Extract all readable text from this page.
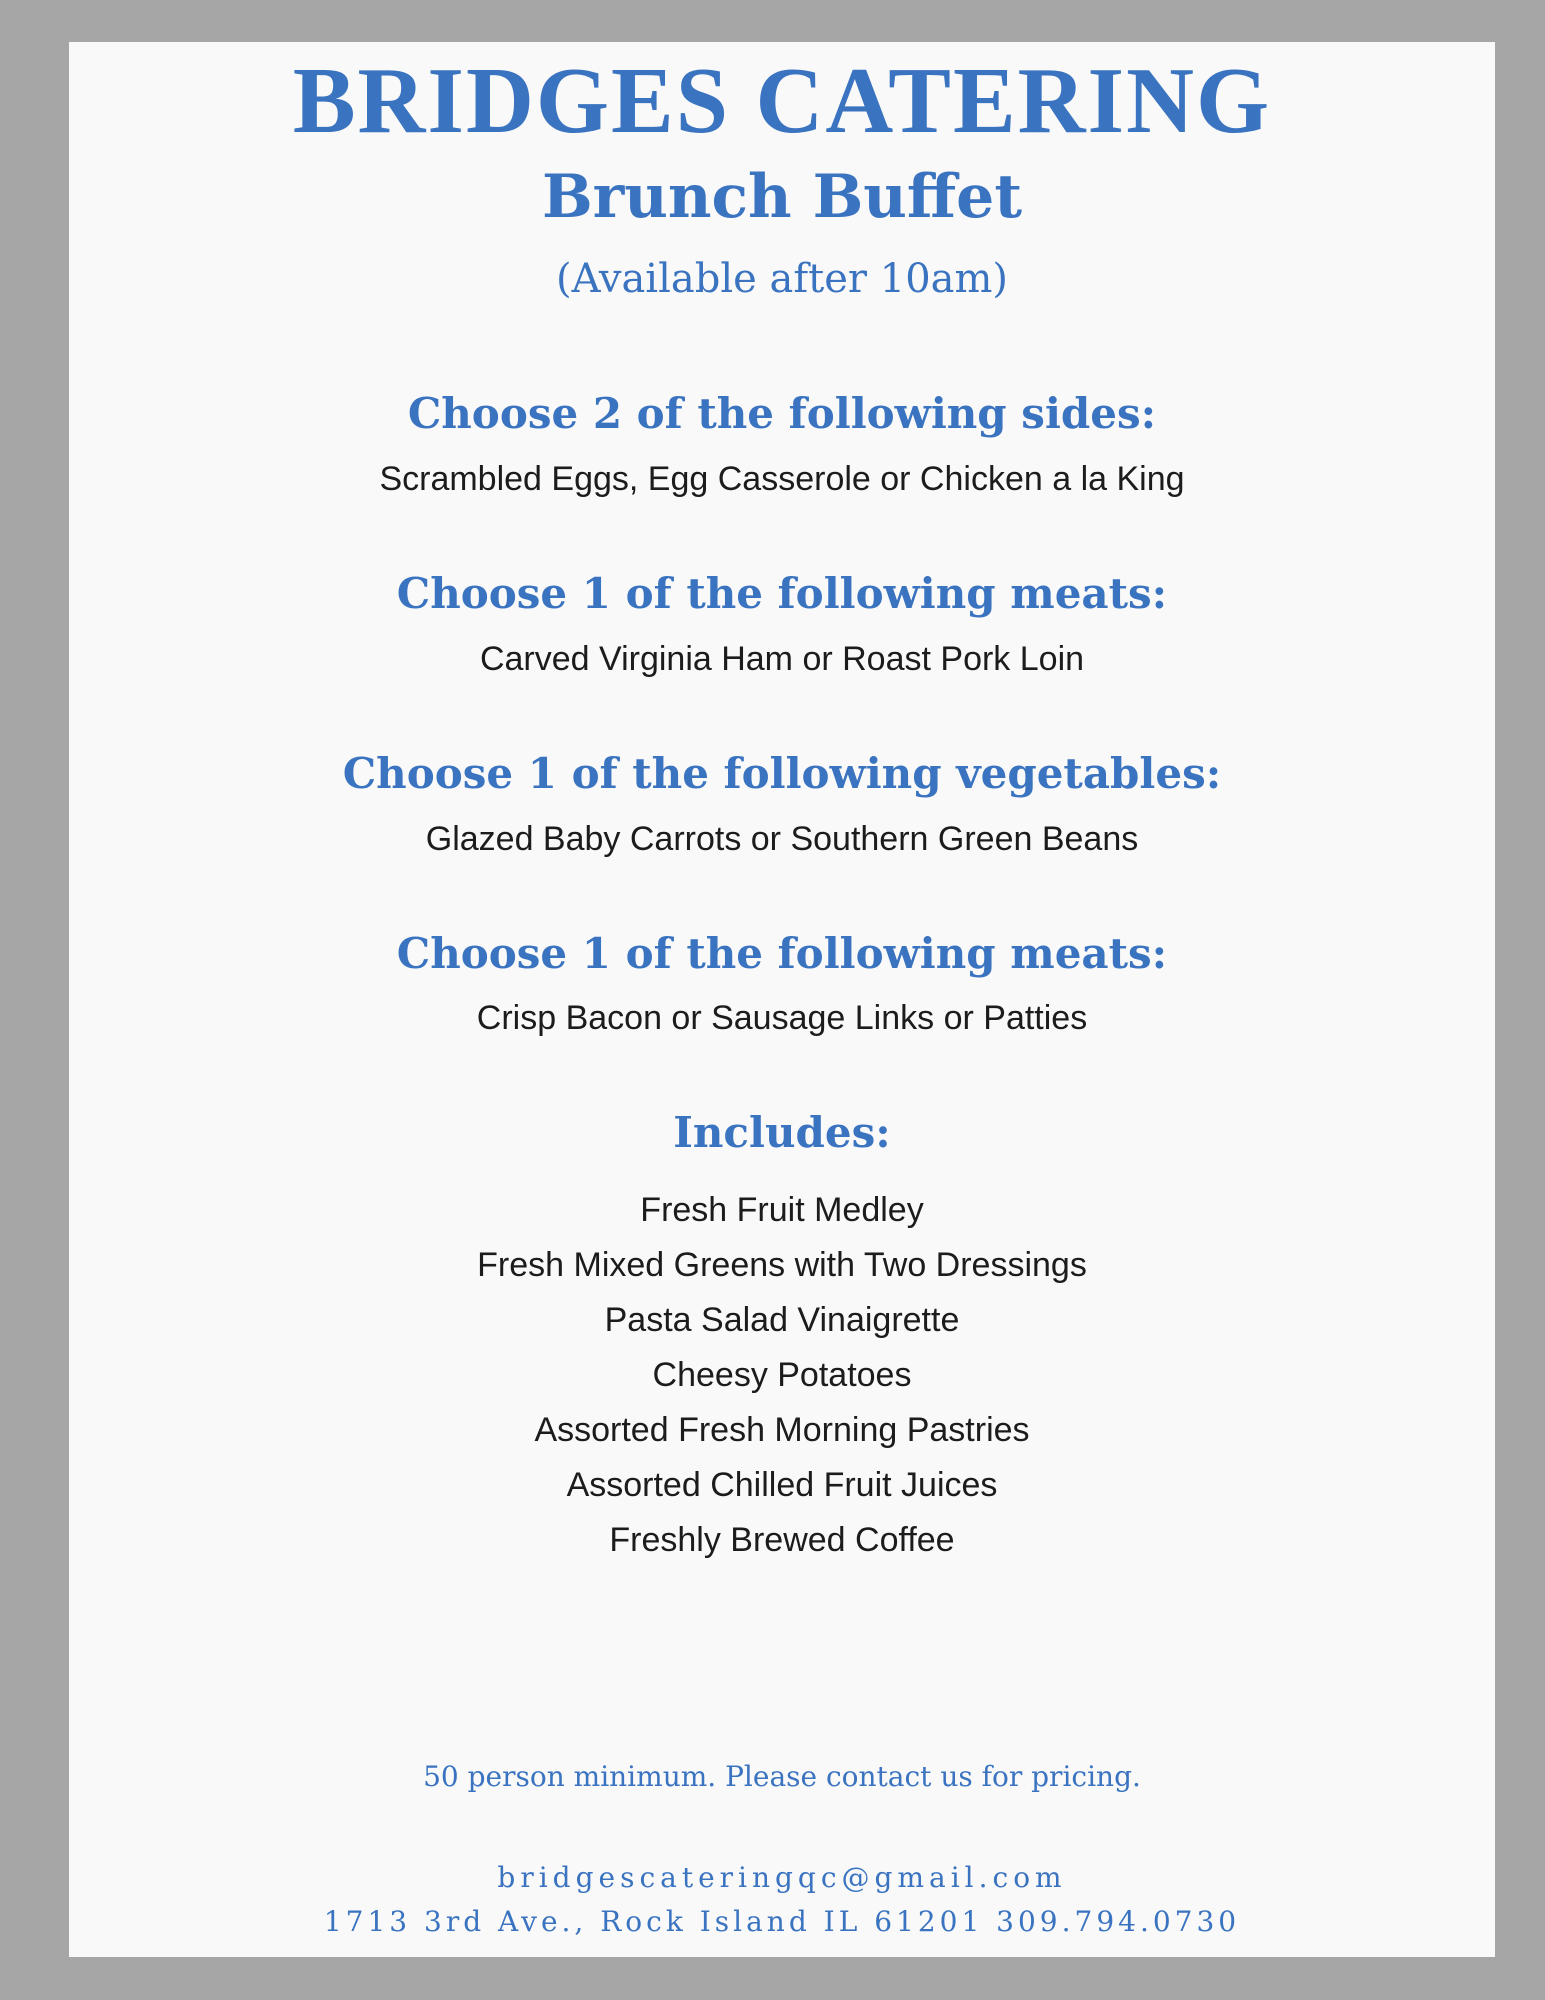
BRIDGES CATERING
Brunch Buffet

(Available after 10am)

Choose 2 of the following sides:

Scrambled Eggs, Egg Casserole or Chicken a la King

Choose 1 of the following meats:

Carved Virginia Ham or Roast Pork Loin

Choose 1 of the following vegetables:

Glazed Baby Carrots or Southern Green Beans

Choose 1 of the following meats:

Crisp Bacon or Sausage Links or Patties

Includes:
Fresh Fruit Medley
Fresh Mixed Greens with Two Dressings
Pasta Salad Vinaigrette
Cheesy Potatoes
Assorted Fresh Morning Pastries
Assorted Chilled Fruit Juices
Freshly Brewed Coffee

50 person minimum. Please contact us for pricing.

bridgescateringqc@gmail.com

1713 3rd Ave., Rock Island IL 61201 309.794.0730
